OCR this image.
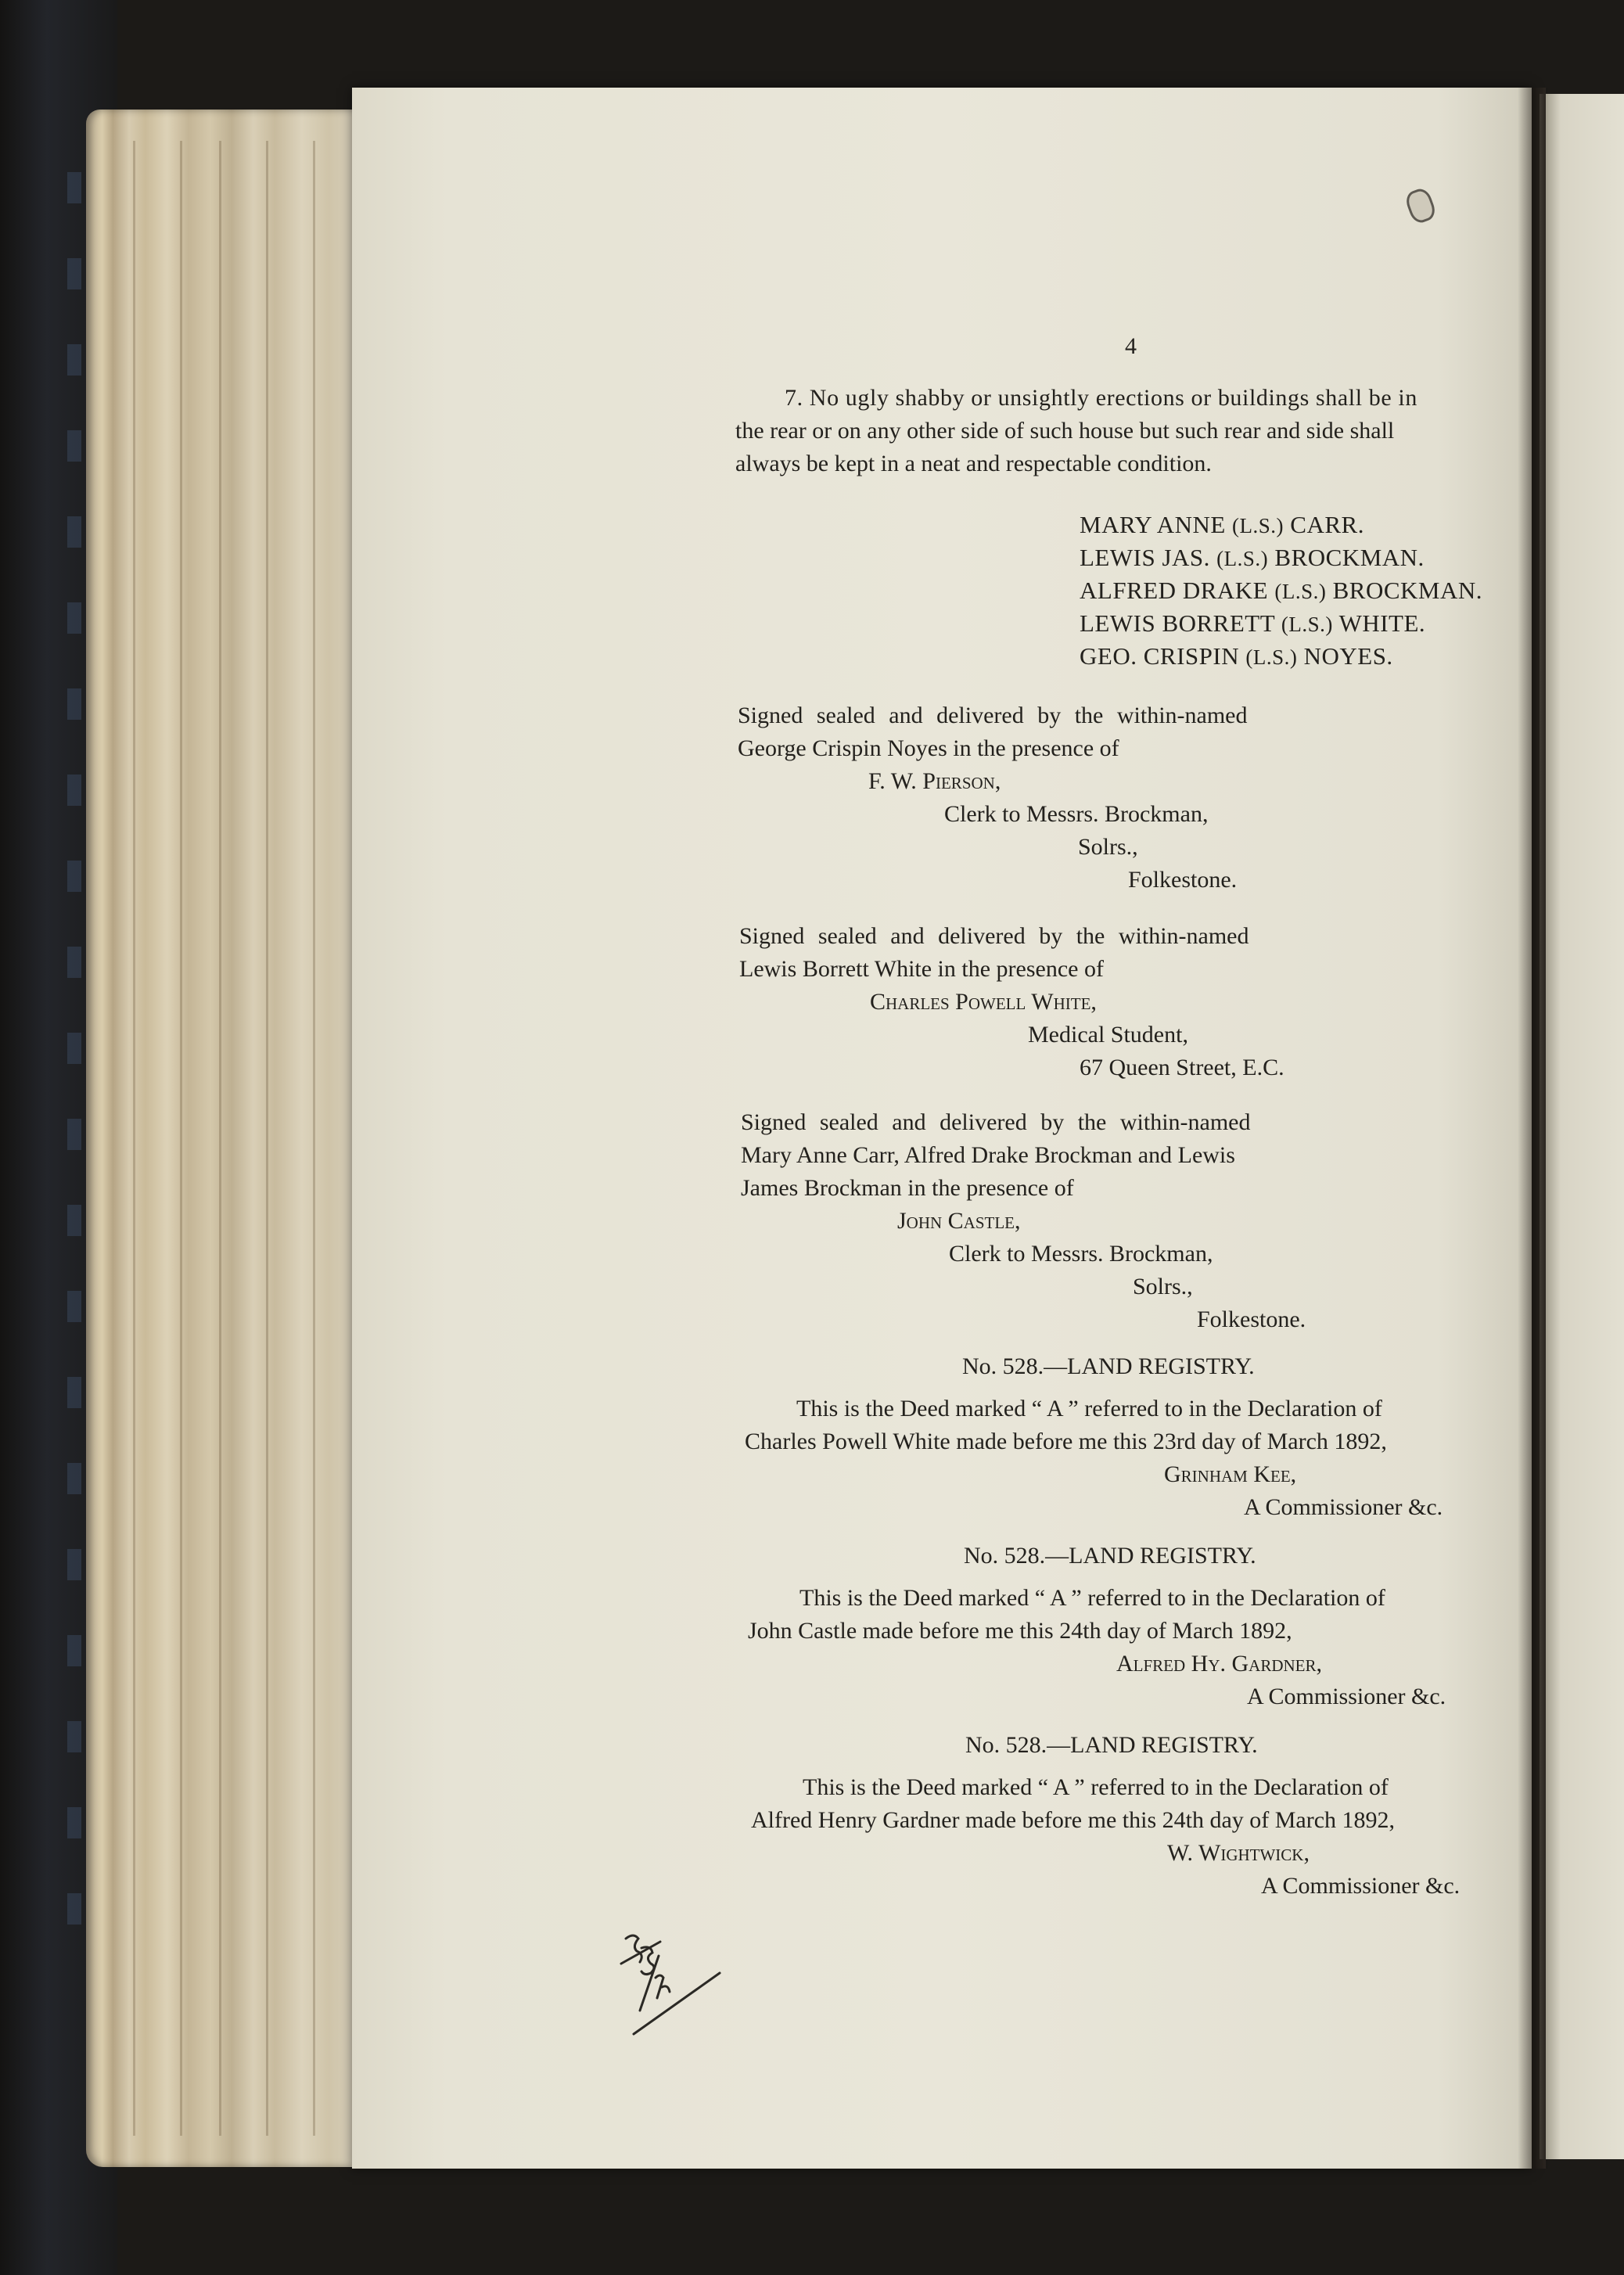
4
7. No ugly shabby or unsightly erections or buildings shall be in
the rear or on any other side of such house but such rear and side shall
always be kept in a neat and respectable condition.
MARY ANNE (L.S.) CARR.
LEWIS JAS. (L.S.) BROCKMAN.
ALFRED DRAKE (L.S.) BROCKMAN.
LEWIS BORRETT (L.S.) WHITE.
GEO. CRISPIN (L.S.) NOYES.
Signed sealed and delivered by the within-named
George Crispin Noyes in the presence of
F. W. Pierson,
Clerk to Messrs. Brockman,
Solrs.,
Folkestone.
Signed sealed and delivered by the within-named
Lewis Borrett White in the presence of
Charles Powell White,
Medical Student,
67 Queen Street, E.C.
Signed sealed and delivered by the within-named
Mary Anne Carr, Alfred Drake Brockman and Lewis
James Brockman in the presence of
John Castle,
Clerk to Messrs. Brockman,
Solrs.,
Folkestone.
No. 528.—LAND REGISTRY.
This is the Deed marked “ A ” referred to in the Declaration of
Charles Powell White made before me this 23rd day of March 1892,
Grinham Kee,
A Commissioner &c.
No. 528.—LAND REGISTRY.
This is the Deed marked “ A ” referred to in the Declaration of
John Castle made before me this 24th day of March 1892,
Alfred Hy. Gardner,
A Commissioner &c.
No. 528.—LAND REGISTRY.
This is the Deed marked “ A ” referred to in the Declaration of
Alfred Henry Gardner made before me this 24th day of March 1892,
W. Wightwick,
A Commissioner &c.
